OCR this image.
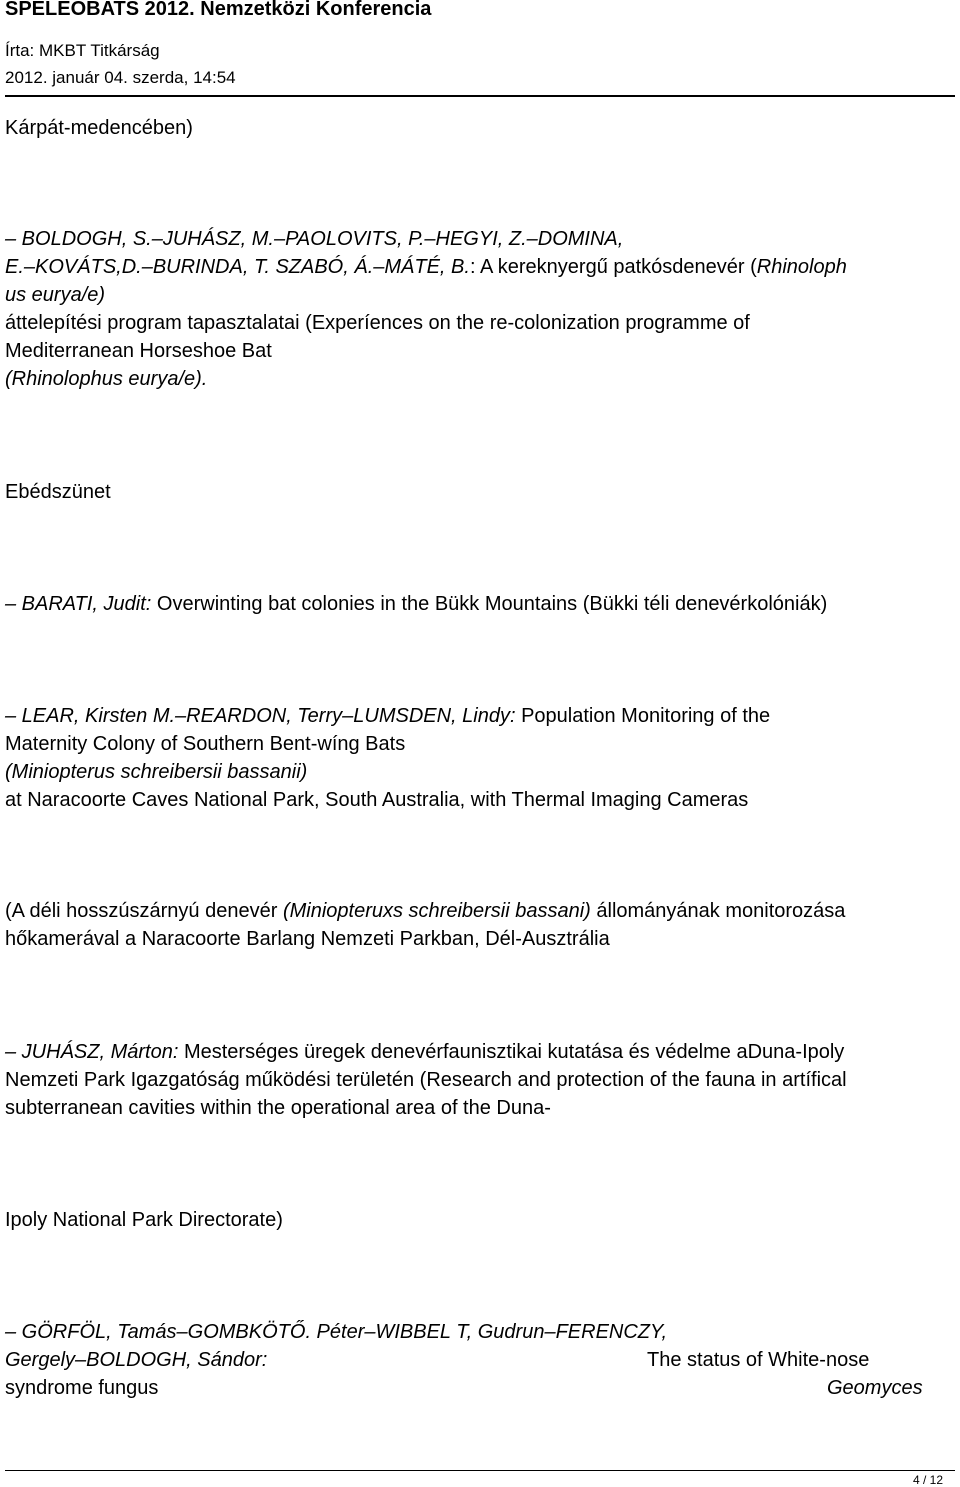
SPELEOBATS 2012. Nemzetközi Konferencia

Írta: MKBT Titkárság

2012. január 04. szerda, 14:54

Kárpát-medencében)

– BOLDOGH, S.–JUHÁSZ, M.–PAOLOVITS, P.–HEGYI, Z.–DOMINA,

E.–KOVÁTS,D.–BURINDA, T. SZABÓ, Á.–MÁTÉ, B.: A kereknyergű patkósdenevér (Rhinoloph

us eurya/e)

áttelepítési program tapasztalatai (Experíences on the re-colonization programme of

Mediterranean Horseshoe Bat

(Rhinolophus eurya/e).

Ebédszünet

– BARATI, Judit: Overwinting bat colonies in the Bükk Mountains (Bükki téli denevérkolóniák)

– LEAR, Kirsten M.–REARDON, Terry–LUMSDEN, Lindy: Population Monitoring of the

Maternity Colony of Southern Bent-wíng Bats

(Miniopterus schreibersii bassanii)

at Naracoorte Caves National Park, South Australia, with Thermal Imaging Cameras

(A déli hosszúszárnyú denevér (Miniopteruxs schreibersii bassani) állományának monitorozása

hőkamerával a Naracoorte Barlang Nemzeti Parkban, Dél-Ausztrália

– JUHÁSZ, Márton: Mesterséges üregek denevérfaunisztikai kutatása és védelme aDuna-Ipoly

Nemzeti Park Igazgatóság működési területén (Research and protection of the fauna in artífical

subterranean cavities within the operational area of the Duna-

Ipoly National Park Directorate)

– GÖRFÖL, Tamás–GOMBKÖTŐ. Péter–WIBBEL T, Gudrun–FERENCZY,

Gergely–BOLDOGH, Sándor:	The status of White-nose

syndrome fungus	Geomyces

4 / 12
